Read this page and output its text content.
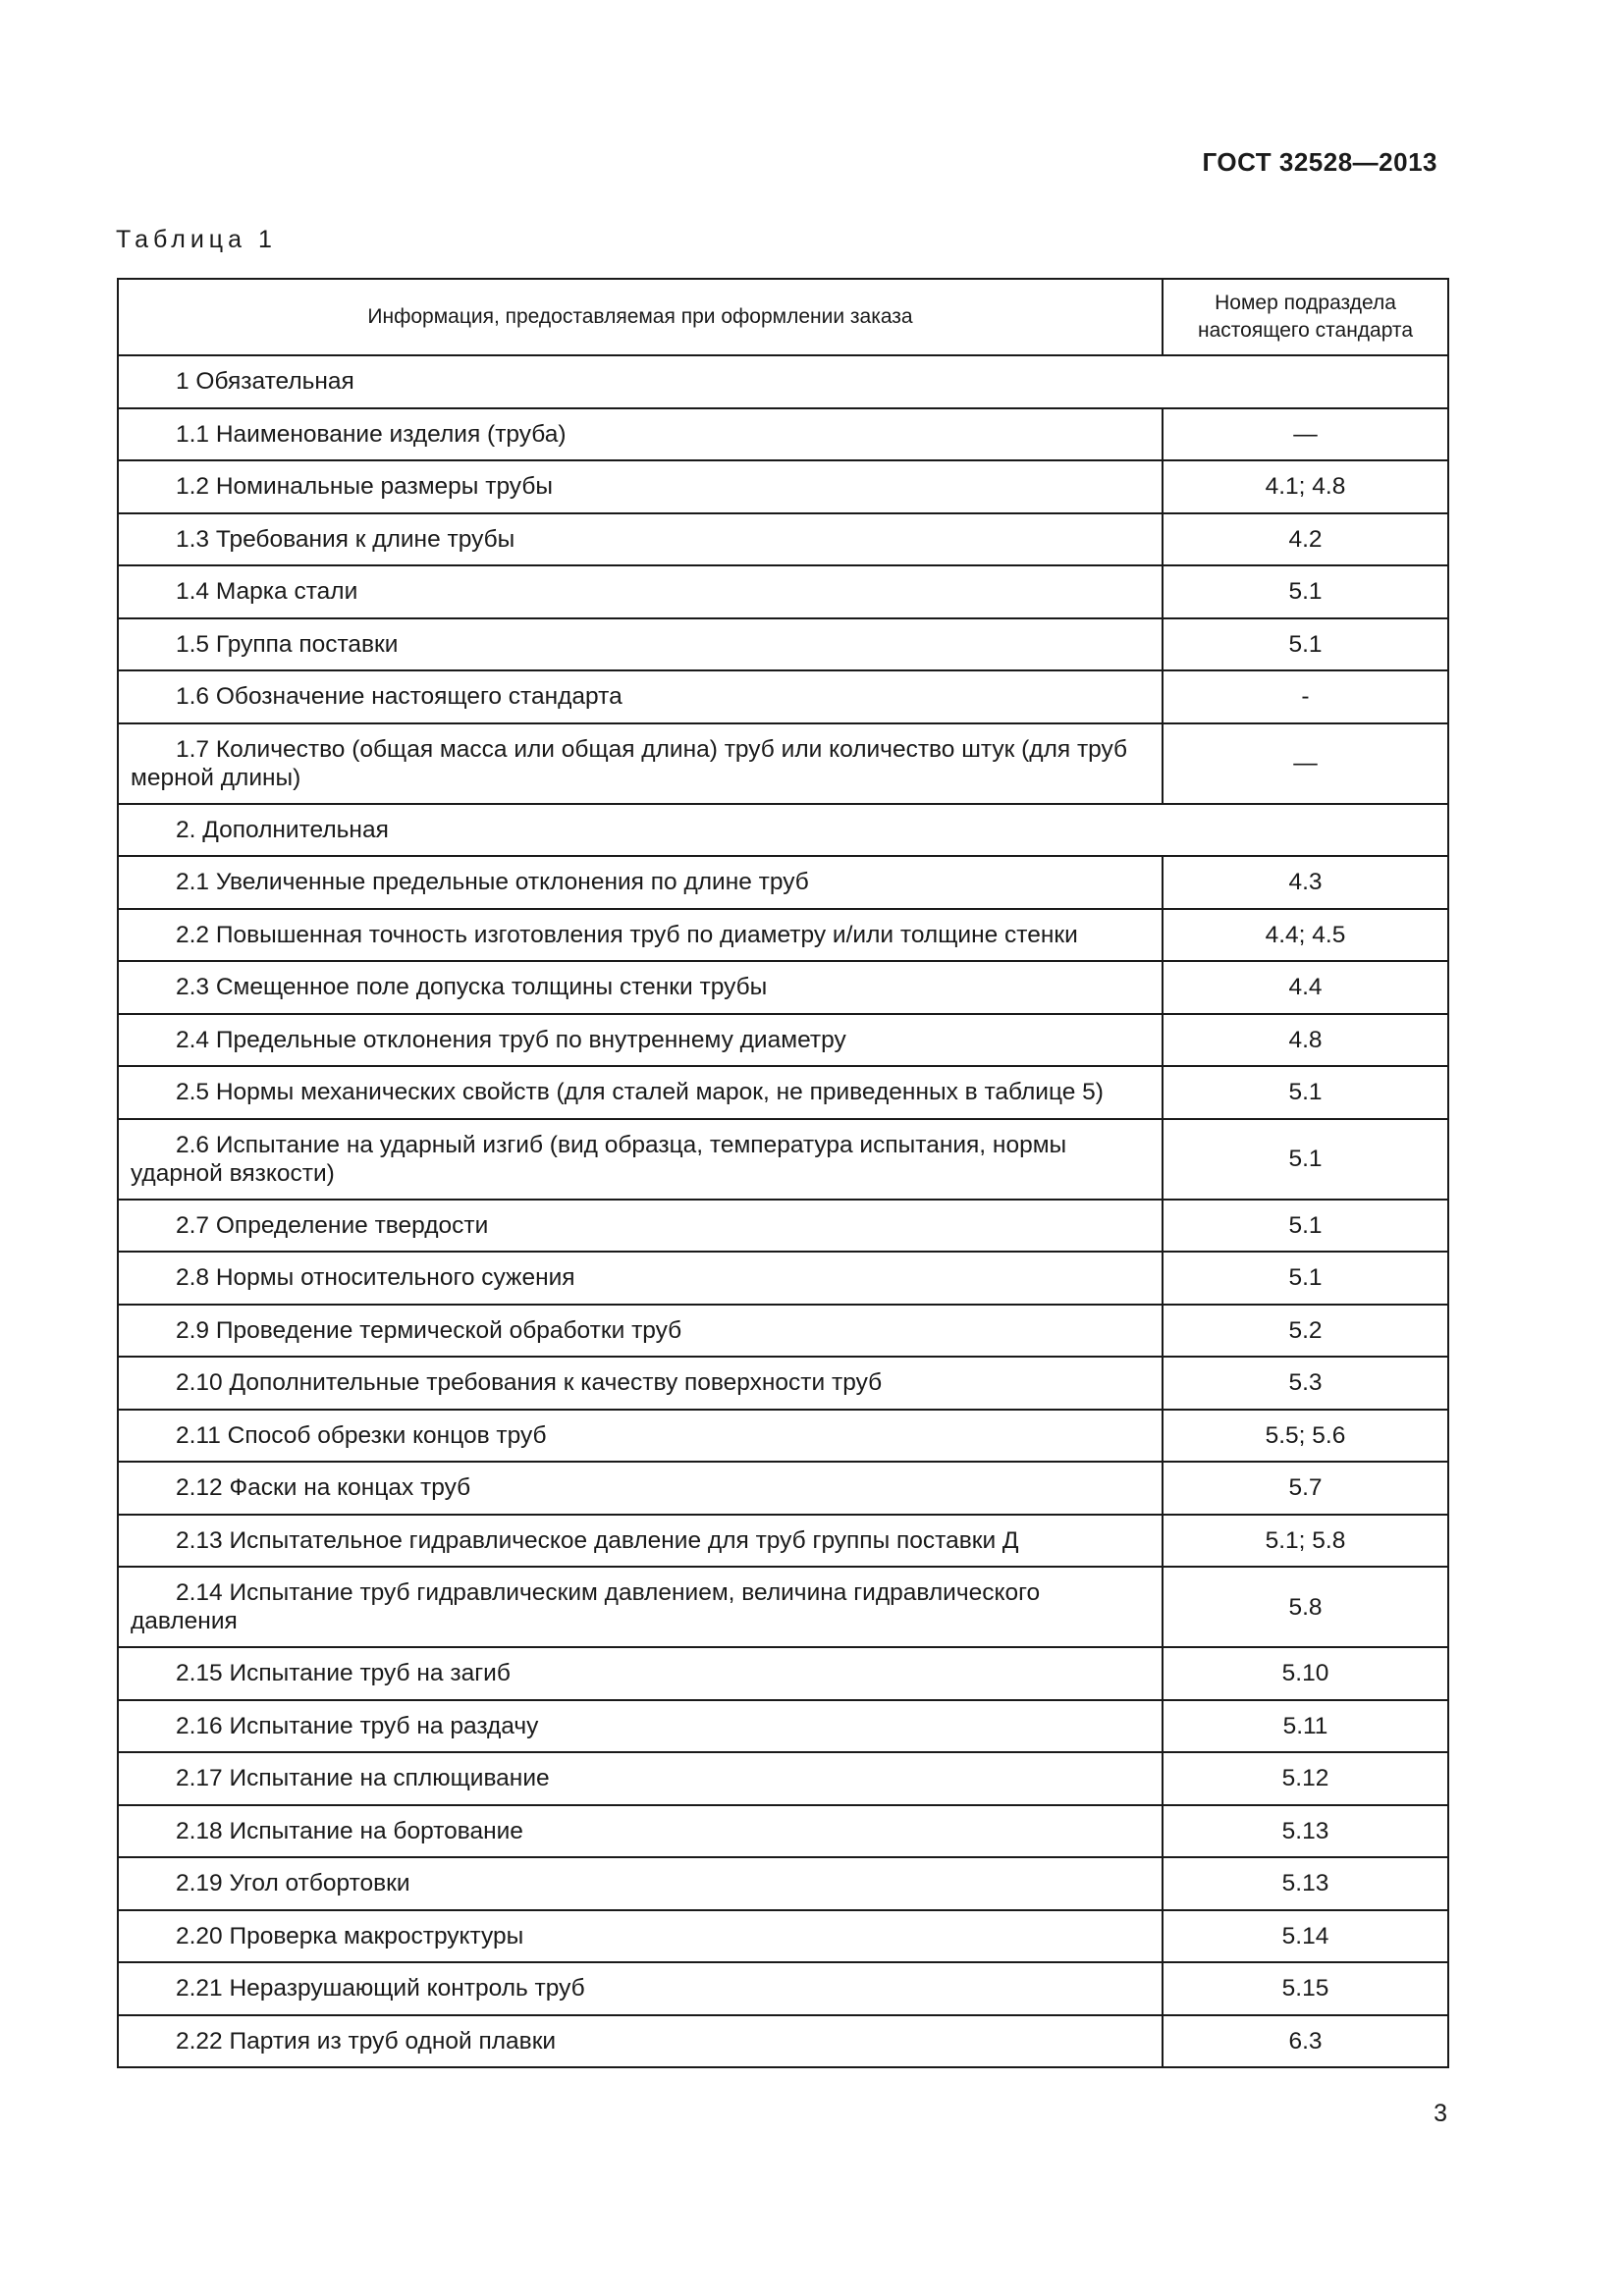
ГОСТ 32528—2013
Таблица 1
Информация, предоставляемая при оформлении заказа	Номер подраздела настоящего стандарта
1 Обязательная	
1.1 Наименование изделия (труба)	—
1.2 Номинальные размеры трубы	4.1; 4.8
1.3 Требования к длине трубы	4.2
1.4 Марка стали	5.1
1.5 Группа поставки	5.1
1.6 Обозначение настоящего стандарта	-
1.7 Количество (общая масса или общая длина) труб или количество штук (для труб мерной длины)	—
2. Дополнительная	
2.1 Увеличенные предельные отклонения по длине труб	4.3
2.2 Повышенная точность изготовления труб по диаметру и/или толщине стенки	4.4; 4.5
2.3 Смещенное поле допуска толщины стенки трубы	4.4
2.4 Предельные отклонения труб по внутреннему диаметру	4.8
2.5 Нормы механических свойств (для сталей марок, не приведенных в таблице 5)	5.1
2.6 Испытание на ударный изгиб (вид образца, температура испытания, нормы ударной вязкости)	5.1
2.7 Определение твердости	5.1
2.8 Нормы относительного сужения	5.1
2.9 Проведение термической обработки труб	5.2
2.10 Дополнительные требования к качеству поверхности труб	5.3
2.11 Способ обрезки концов труб	5.5; 5.6
2.12 Фаски на концах труб	5.7
2.13 Испытательное гидравлическое давление для труб группы поставки Д	5.1; 5.8
2.14 Испытание труб гидравлическим давлением, величина гидравлического давления	5.8
2.15 Испытание труб на загиб	5.10
2.16 Испытание труб на раздачу	5.11
2.17 Испытание на сплющивание	5.12
2.18 Испытание на бортование	5.13
2.19 Угол отбортовки	5.13
2.20 Проверка макроструктуры	5.14
2.21 Неразрушающий контроль труб	5.15
2.22 Партия из труб одной плавки	6.3
3
